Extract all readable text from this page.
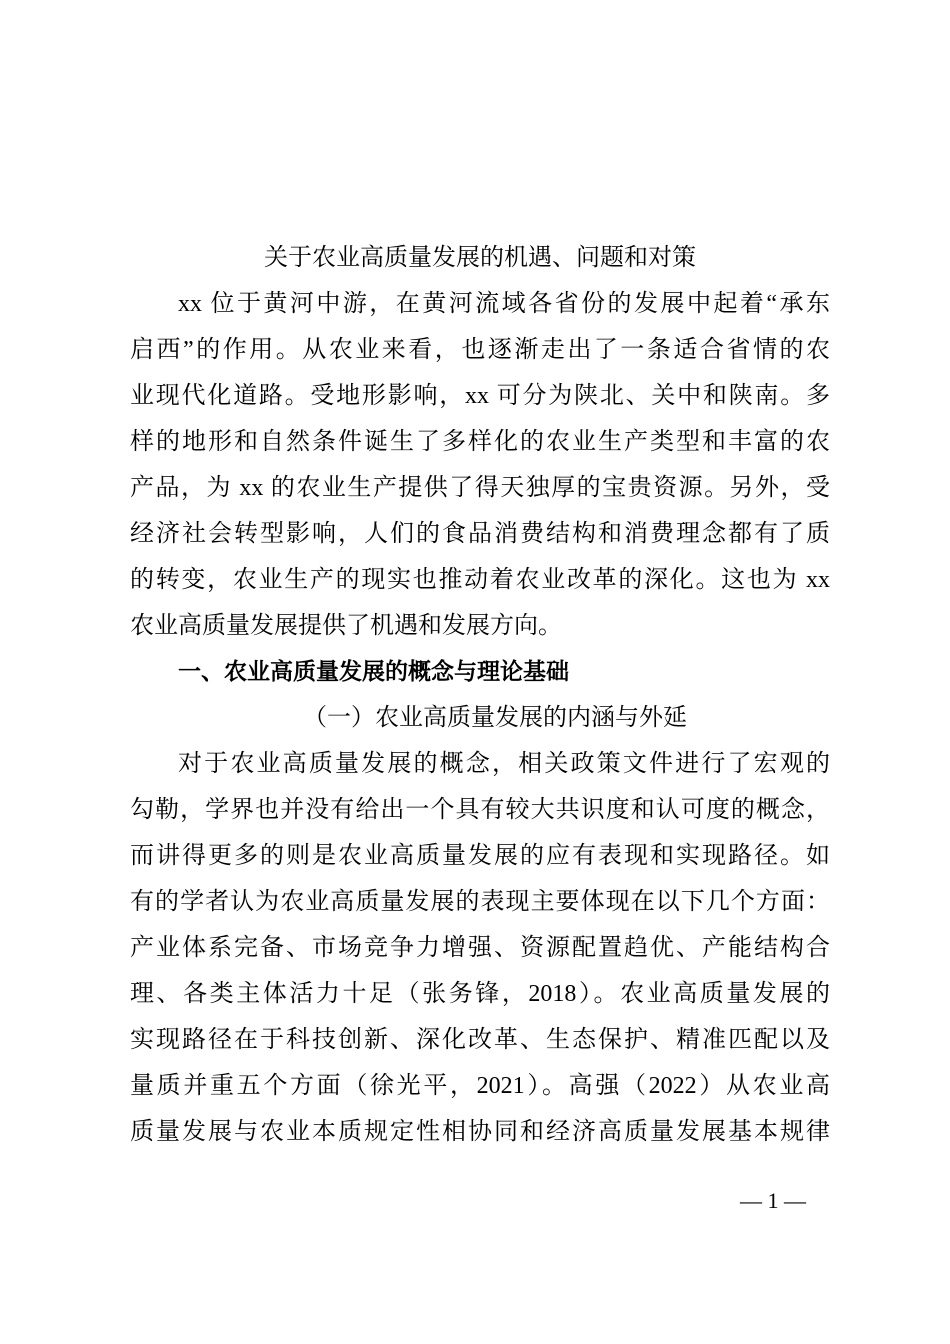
关于农业高质量发展的机遇、问题和对策
xx 位于黄河中游，在黄河流域各省份的发展中起着“承东
启西”的作用。从农业来看，也逐渐走出了一条适合省情的农
业现代化道路。受地形影响，xx 可分为陕北、关中和陕南。多
样的地形和自然条件诞生了多样化的农业生产类型和丰富的农
产品，为 xx 的农业生产提供了得天独厚的宝贵资源。另外，受
经济社会转型影响，人们的食品消费结构和消费理念都有了质
的转变，农业生产的现实也推动着农业改革的深化。这也为 xx
农业高质量发展提供了机遇和发展方向。
一、农业高质量发展的概念与理论基础
（一）农业高质量发展的内涵与外延
对于农业高质量发展的概念，相关政策文件进行了宏观的
勾勒，学界也并没有给出一个具有较大共识度和认可度的概念，
而讲得更多的则是农业高质量发展的应有表现和实现路径。如
有的学者认为农业高质量发展的表现主要体现在以下几个方面：
产业体系完备、市场竞争力增强、资源配置趋优、产能结构合
理、各类主体活力十足（张务锋，2018）。农业高质量发展的
实现路径在于科技创新、深化改革、生态保护、精准匹配以及
量质并重五个方面（徐光平，2021）。高强（2022）从农业高
质量发展与农业本质规定性相协同和经济高质量发展基本规律
— 1 —
